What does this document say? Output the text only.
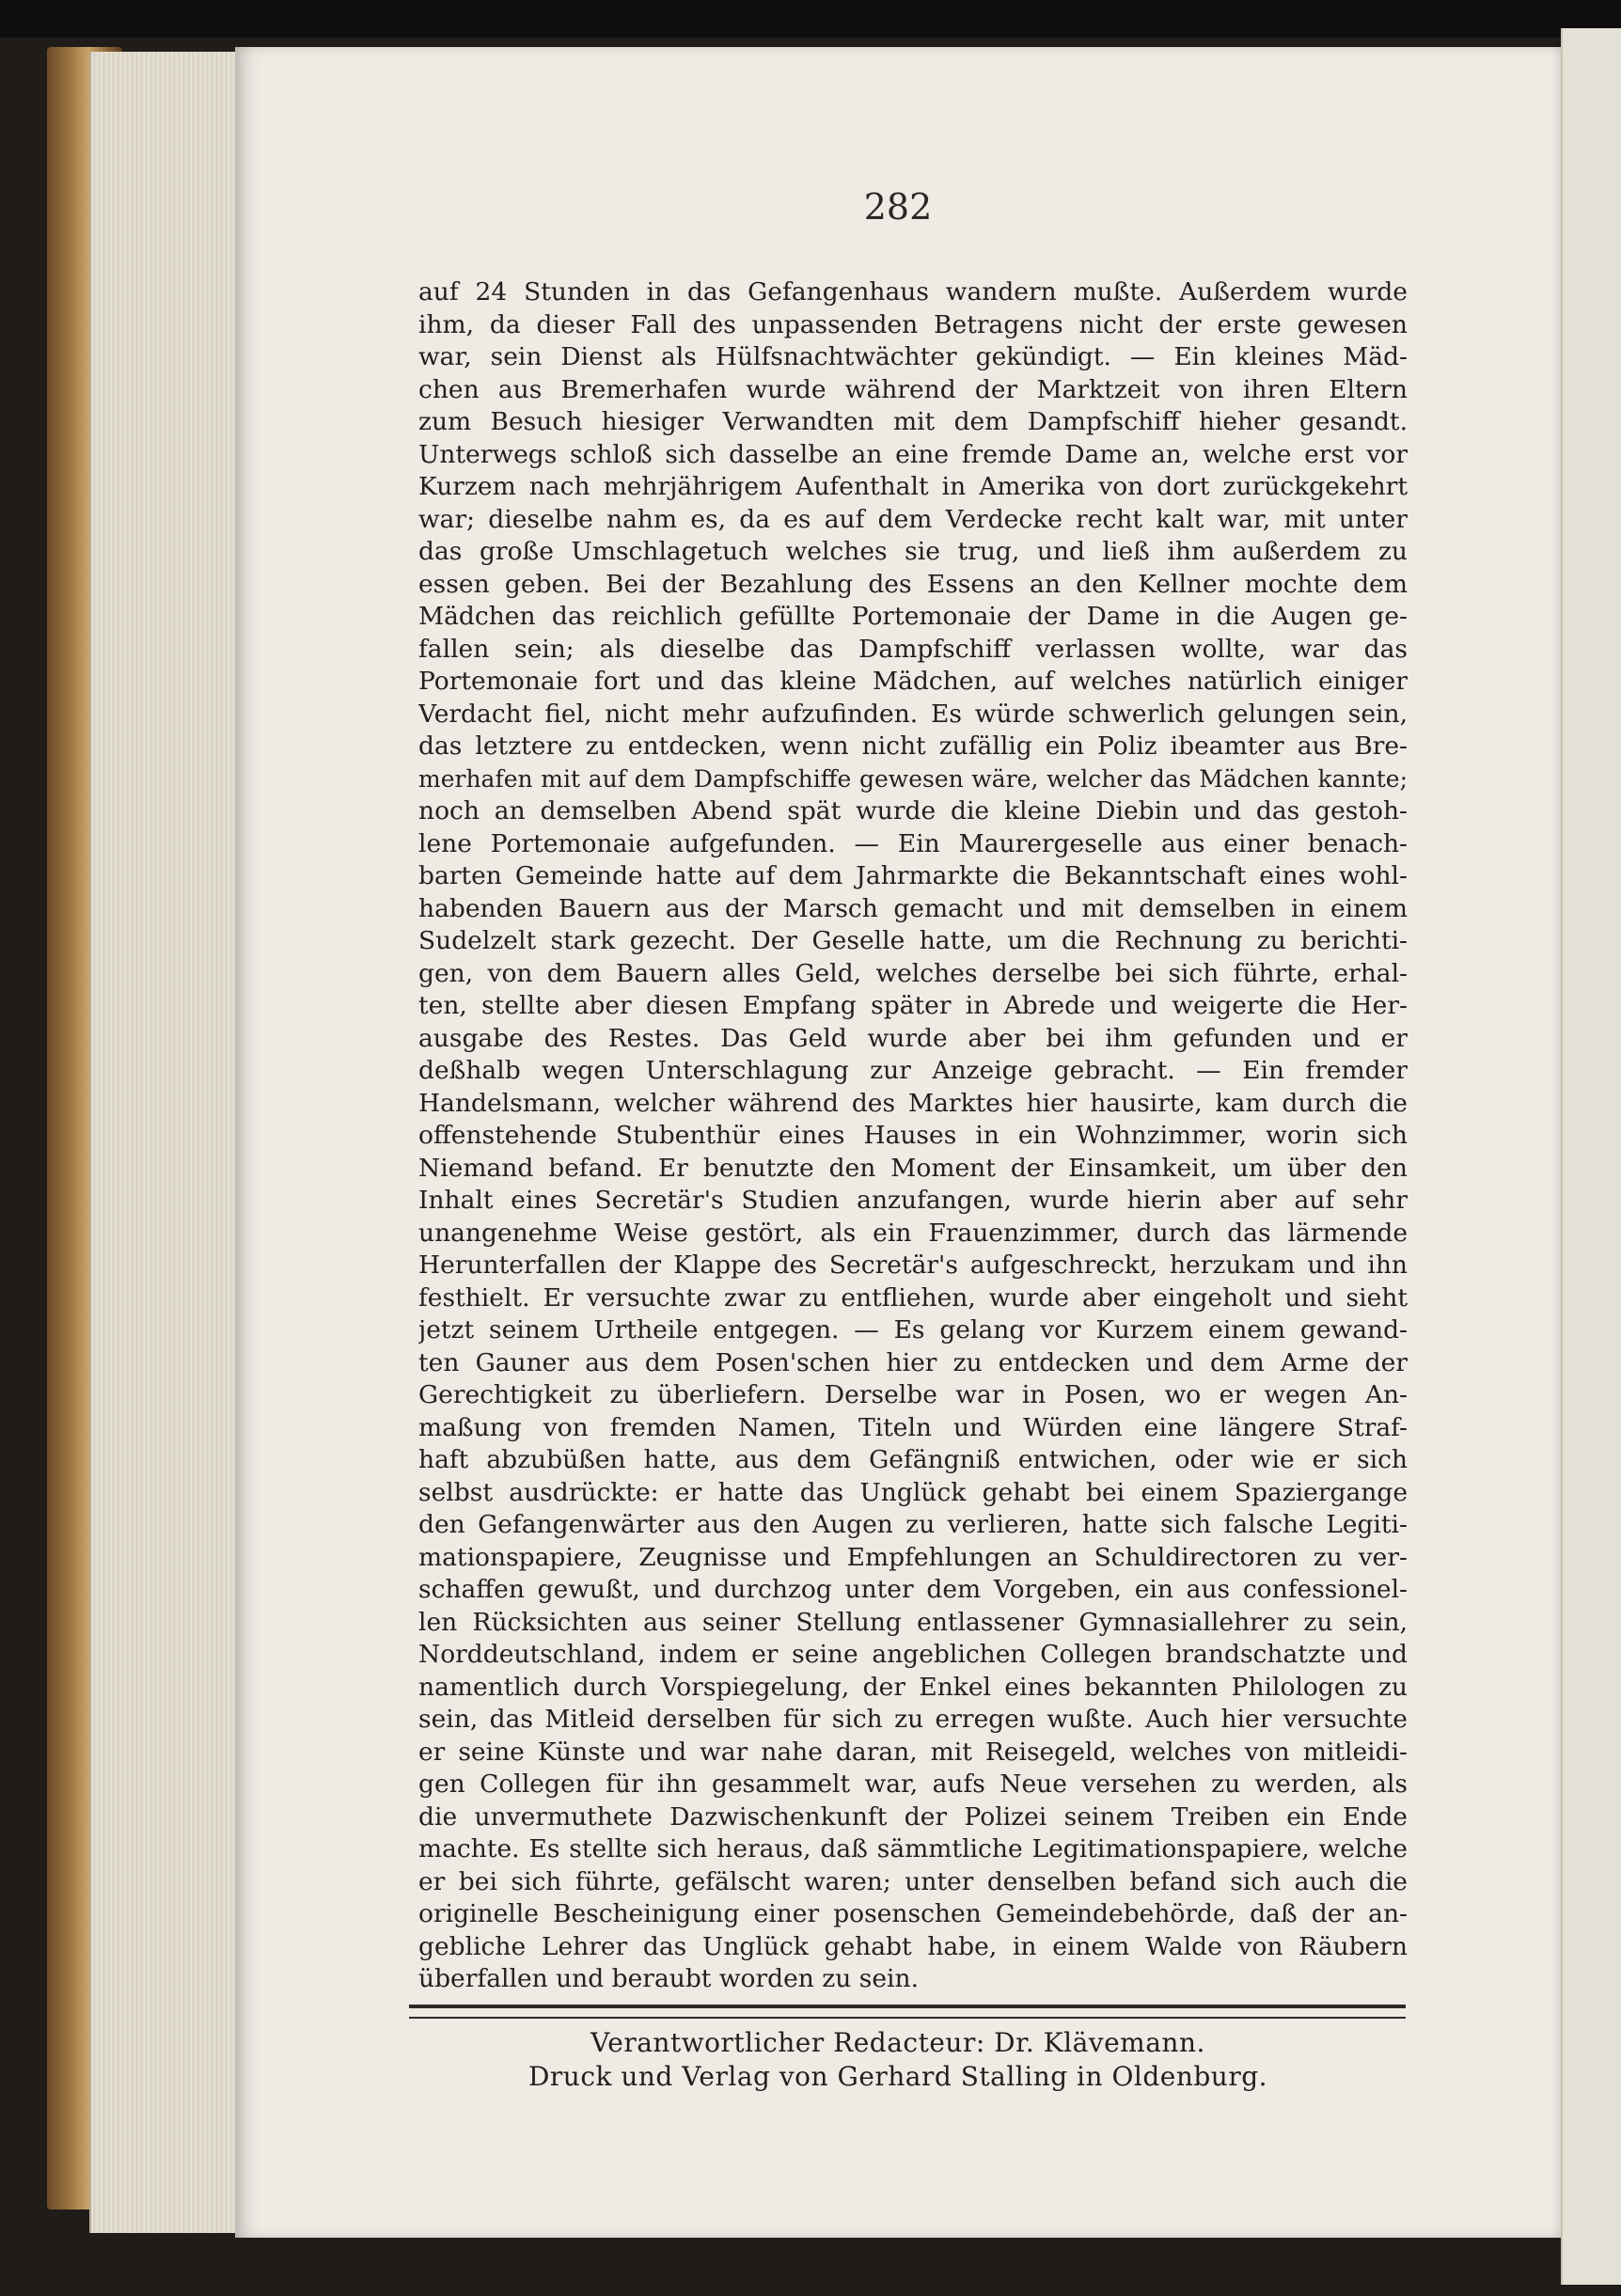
282
auf 24 Stunden in das Gefangenhaus wandern mußte. Außerdem wurde
ihm, da dieser Fall des unpassenden Betragens nicht der erste gewesen
war, sein Dienst als Hülfsnachtwächter gekündigt. — Ein kleines Mäd-
chen aus Bremerhafen wurde während der Marktzeit von ihren Eltern
zum Besuch hiesiger Verwandten mit dem Dampfschiff hieher gesandt.
Unterwegs schloß sich dasselbe an eine fremde Dame an, welche erst vor
Kurzem nach mehrjährigem Aufenthalt in Amerika von dort zurückgekehrt
war; dieselbe nahm es, da es auf dem Verdecke recht kalt war, mit unter
das große Umschlagetuch welches sie trug, und ließ ihm außerdem zu
essen geben. Bei der Bezahlung des Essens an den Kellner mochte dem
Mädchen das reichlich gefüllte Portemonaie der Dame in die Augen ge-
fallen sein; als dieselbe das Dampfschiff verlassen wollte, war das
Portemonaie fort und das kleine Mädchen, auf welches natürlich einiger
Verdacht fiel, nicht mehr aufzufinden. Es würde schwerlich gelungen sein,
das letztere zu entdecken, wenn nicht zufällig ein Poliz ibeamter aus Bre-
merhafen mit auf dem Dampfschiffe gewesen wäre, welcher das Mädchen kannte;
noch an demselben Abend spät wurde die kleine Diebin und das gestoh-
lene Portemonaie aufgefunden. — Ein Maurergeselle aus einer benach-
barten Gemeinde hatte auf dem Jahrmarkte die Bekanntschaft eines wohl-
habenden Bauern aus der Marsch gemacht und mit demselben in einem
Sudelzelt stark gezecht. Der Geselle hatte, um die Rechnung zu berichti-
gen, von dem Bauern alles Geld, welches derselbe bei sich führte, erhal-
ten, stellte aber diesen Empfang später in Abrede und weigerte die Her-
ausgabe des Restes. Das Geld wurde aber bei ihm gefunden und er
deßhalb wegen Unterschlagung zur Anzeige gebracht. — Ein fremder
Handelsmann, welcher während des Marktes hier hausirte, kam durch die
offenstehende Stubenthür eines Hauses in ein Wohnzimmer, worin sich
Niemand befand. Er benutzte den Moment der Einsamkeit, um über den
Inhalt eines Secretär's Studien anzufangen, wurde hierin aber auf sehr
unangenehme Weise gestört, als ein Frauenzimmer, durch das lärmende
Herunterfallen der Klappe des Secretär's aufgeschreckt, herzukam und ihn
festhielt. Er versuchte zwar zu entfliehen, wurde aber eingeholt und sieht
jetzt seinem Urtheile entgegen. — Es gelang vor Kurzem einem gewand-
ten Gauner aus dem Posen'schen hier zu entdecken und dem Arme der
Gerechtigkeit zu überliefern. Derselbe war in Posen, wo er wegen An-
maßung von fremden Namen, Titeln und Würden eine längere Straf-
haft abzubüßen hatte, aus dem Gefängniß entwichen, oder wie er sich
selbst ausdrückte: er hatte das Unglück gehabt bei einem Spaziergange
den Gefangenwärter aus den Augen zu verlieren, hatte sich falsche Legiti-
mationspapiere, Zeugnisse und Empfehlungen an Schuldirectoren zu ver-
schaffen gewußt, und durchzog unter dem Vorgeben, ein aus confessionel-
len Rücksichten aus seiner Stellung entlassener Gymnasiallehrer zu sein,
Norddeutschland, indem er seine angeblichen Collegen brandschatzte und
namentlich durch Vorspiegelung, der Enkel eines bekannten Philologen zu
sein, das Mitleid derselben für sich zu erregen wußte. Auch hier versuchte
er seine Künste und war nahe daran, mit Reisegeld, welches von mitleidi-
gen Collegen für ihn gesammelt war, aufs Neue versehen zu werden, als
die unvermuthete Dazwischenkunft der Polizei seinem Treiben ein Ende
machte. Es stellte sich heraus, daß sämmtliche Legitimationspapiere, welche
er bei sich führte, gefälscht waren; unter denselben befand sich auch die
originelle Bescheinigung einer posenschen Gemeindebehörde, daß der an-
gebliche Lehrer das Unglück gehabt habe, in einem Walde von Räubern
überfallen und beraubt worden zu sein.
Verantwortlicher Redacteur: Dr. Klävemann.
Druck und Verlag von Gerhard Stalling in Oldenburg.
